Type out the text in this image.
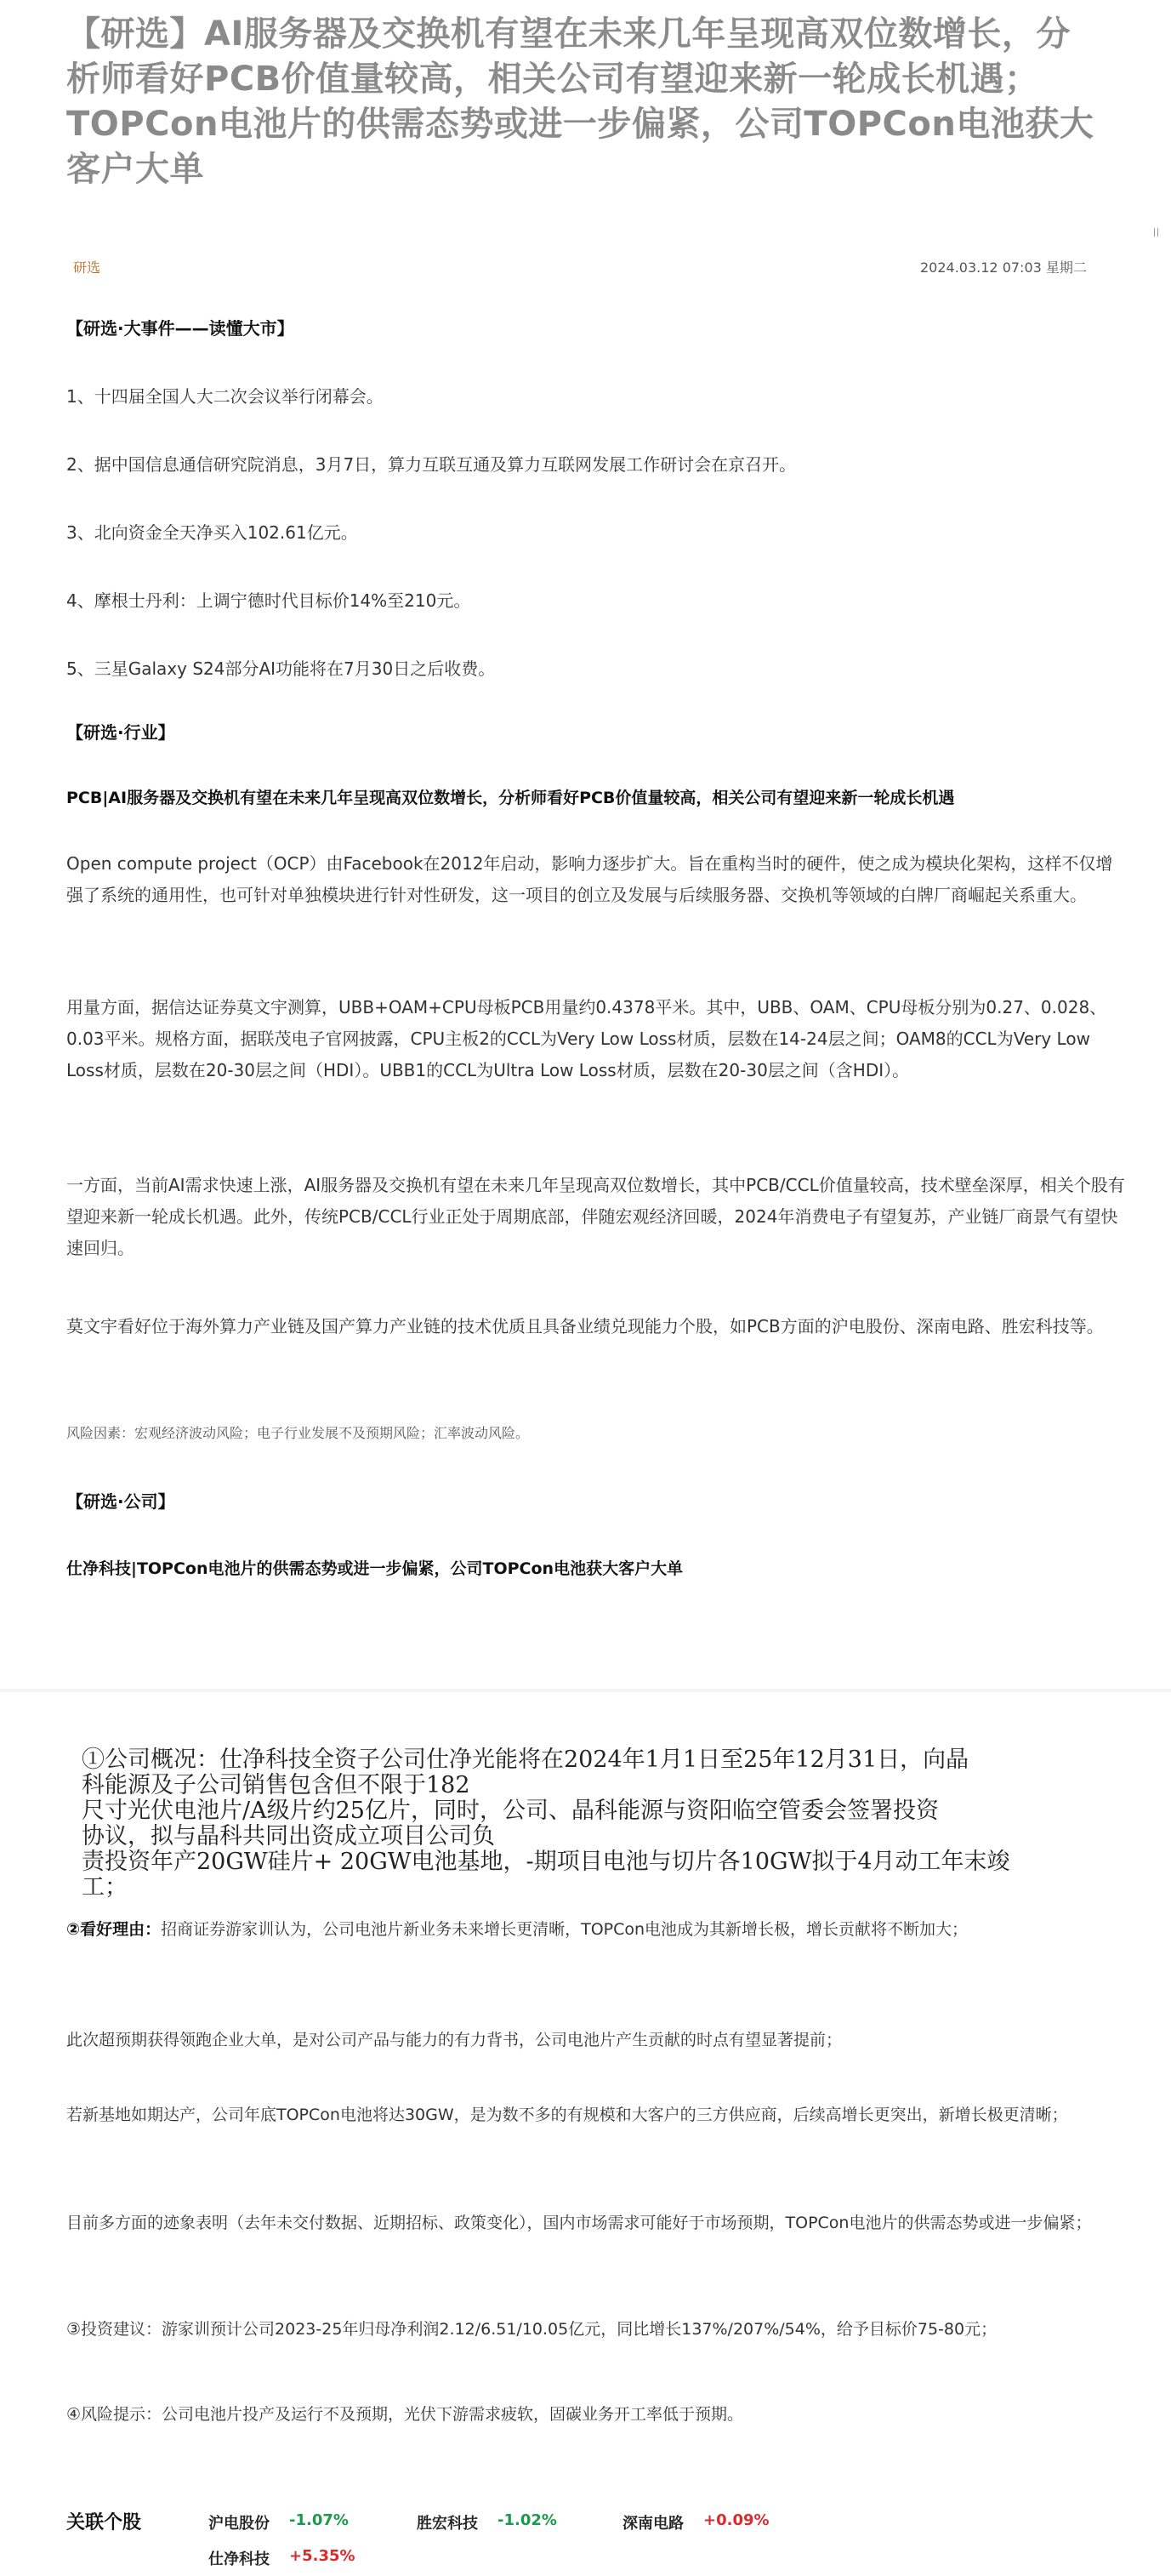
【研选】AI服务器及交换机有望在未来几年呈现高双位数增长，分析师看好PCB价值量较高，相关公司有望迎来新一轮成长机遇；TOPCon电池片的供需态势或进一步偏紧，公司TOPCon电池获大客户大单
研选	2024.03.12 07:03 星期二
【研选·大事件——读懂大市】
1、十四届全国人大二次会议举行闭幕会。
2、据中国信息通信研究院消息，3月7日，算力互联互通及算力互联网发展工作研讨会在京召开。
3、北向资金全天净买入102.61亿元。
4、摩根士丹利：上调宁德时代目标价14%至210元。
5、三星Galaxy S24部分AI功能将在7月30日之后收费。
【研选·行业】
PCB|AI服务器及交换机有望在未来几年呈现高双位数增长，分析师看好PCB价值量较高，相关公司有望迎来新一轮成长机遇
Open compute project（OCP）由Facebook在2012年启动，影响力逐步扩大。旨在重构当时的硬件，使之成为模块化架构，这样不仅增强了系统的通用性，也可针对单独模块进行针对性研发，这一项目的创立及发展与后续服务器、交换机等领域的白牌厂商崛起关系重大。
用量方面，据信达证券莫文宇测算，UBB+OAM+CPU母板PCB用量约0.4378平米。其中，UBB、OAM、CPU母板分别为0.27、0.028、0.03平米。规格方面，据联茂电子官网披露，CPU主板2的CCL为Very Low Loss材质，层数在14-24层之间；OAM8的CCL为Very Low Loss材质，层数在20-30层之间（HDI）。UBB1的CCL为Ultra Low Loss材质，层数在20-30层之间（含HDI）。
一方面，当前AI需求快速上涨，AI服务器及交换机有望在未来几年呈现高双位数增长，其中PCB/CCL价值量较高，技术壁垒深厚，相关个股有望迎来新一轮成长机遇。此外，传统PCB/CCL行业正处于周期底部，伴随宏观经济回暖，2024年消费电子有望复苏，产业链厂商景气有望快速回归。
莫文宇看好位于海外算力产业链及国产算力产业链的技术优质且具备业绩兑现能力个股，如PCB方面的沪电股份、深南电路、胜宏科技等。
风险因素：宏观经济波动风险；电子行业发展不及预期风险；汇率波动风险。
【研选·公司】
仕净科技|TOPCon电池片的供需态势或进一步偏紧，公司TOPCon电池获大客户大单
①公司概况：仕净科技全资子公司仕净光能将在2024年1月1日至25年12月31日，向晶
科能源及子公司销售包含但不限于182
尺寸光伏电池片/A级片约25亿片，同时，公司、晶科能源与资阳临空管委会签署投资
协议，拟与晶科共同出资成立项目公司负
责投资年产20GW硅片+ 20GW电池基地，-期项目电池与切片各10GW拟于4月动工年末竣
工；
②看好理由：招商证券游家训认为，公司电池片新业务未来增长更清晰，TOPCon电池成为其新增长极，增长贡献将不断加大；
此次超预期获得领跑企业大单，是对公司产品与能力的有力背书，公司电池片产生贡献的时点有望显著提前；
若新基地如期达产，公司年底TOPCon电池将达30GW，是为数不多的有规模和大客户的三方供应商，后续高增长更突出，新增长极更清晰；
目前多方面的迹象表明（去年未交付数据、近期招标、政策变化），国内市场需求可能好于市场预期，TOPCon电池片的供需态势或进一步偏紧；
③投资建议：游家训预计公司2023-25年归母净利润2.12/6.51/10.05亿元，同比增长137%/207%/54%，给予目标价75-80元；
④风险提示：公司电池片投产及运行不及预期，光伏下游需求疲软，固碳业务开工率低于预期。
关联个股	沪电股份 -1.07%	胜宏科技 -1.02%	深南电路 +0.09%
仕净科技 +5.35%
